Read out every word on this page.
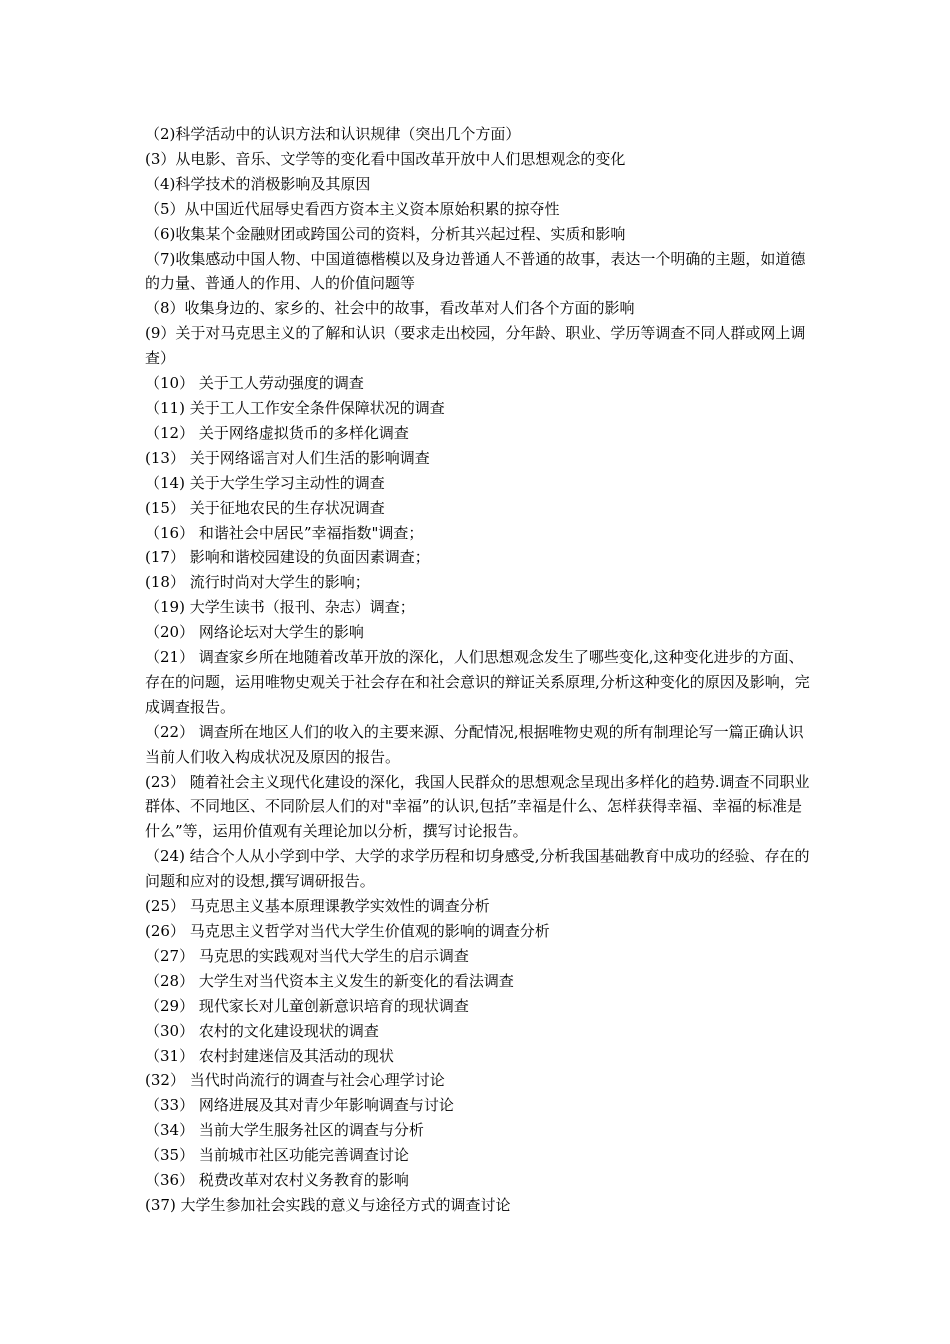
（2)科学活动中的认识方法和认识规律（突出几个方面）
(3）从电影、音乐、文学等的变化看中国改革开放中人们思想观念的变化
（4)科学技术的消极影响及其原因
（5）从中国近代屈辱史看西方资本主义资本原始积累的掠夺性
（6)收集某个金融财团或跨国公司的资料，分析其兴起过程、实质和影响
（7)收集感动中国人物、中国道德楷模以及身边普通人不普通的故事，表达一个明确的主题，如道德的力量、普通人的作用、人的价值问题等
（8）收集身边的、家乡的、社会中的故事，看改革对人们各个方面的影响
(9）关于对马克思主义的了解和认识（要求走出校园，分年龄、职业、学历等调查不同人群或网上调查）
（10） 关于工人劳动强度的调查
（11) 关于工人工作安全条件保障状况的调查
（12） 关于网络虚拟货币的多样化调查
(13） 关于网络谣言对人们生活的影响调查
（14) 关于大学生学习主动性的调查
(15） 关于征地农民的生存状况调查
（16） 和谐社会中居民”幸福指数"调查；
(17） 影响和谐校园建设的负面因素调查；
(18） 流行时尚对大学生的影响；
（19) 大学生读书（报刊、杂志）调查；
（20） 网络论坛对大学生的影响
（21） 调查家乡所在地随着改革开放的深化，人们思想观念发生了哪些变化,这种变化进步的方面、存在的问题，运用唯物史观关于社会存在和社会意识的辩证关系原理,分析这种变化的原因及影响，完成调查报告。
（22） 调查所在地区人们的收入的主要来源、分配情况,根据唯物史观的所有制理论写一篇正确认识当前人们收入构成状况及原因的报告。
(23） 随着社会主义现代化建设的深化，我国人民群众的思想观念呈现出多样化的趋势.调查不同职业群体、不同地区、不同阶层人们的对"幸福”的认识,包括”幸福是什么、怎样获得幸福、幸福的标准是什么”等，运用价值观有关理论加以分析，撰写讨论报告。
（24) 结合个人从小学到中学、大学的求学历程和切身感受,分析我国基础教育中成功的经验、存在的问题和应对的设想,撰写调研报告。
(25） 马克思主义基本原理课教学实效性的调查分析
(26） 马克思主义哲学对当代大学生价值观的影响的调查分析
（27） 马克思的实践观对当代大学生的启示调查
（28） 大学生对当代资本主义发生的新变化的看法调查
（29） 现代家长对儿童创新意识培育的现状调查
（30） 农村的文化建设现状的调查
（31） 农村封建迷信及其活动的现状
(32） 当代时尚流行的调查与社会心理学讨论
（33） 网络进展及其对青少年影响调查与讨论
（34） 当前大学生服务社区的调查与分析
（35） 当前城市社区功能完善调查讨论
（36） 税费改革对农村义务教育的影响
(37) 大学生参加社会实践的意义与途径方式的调查讨论
